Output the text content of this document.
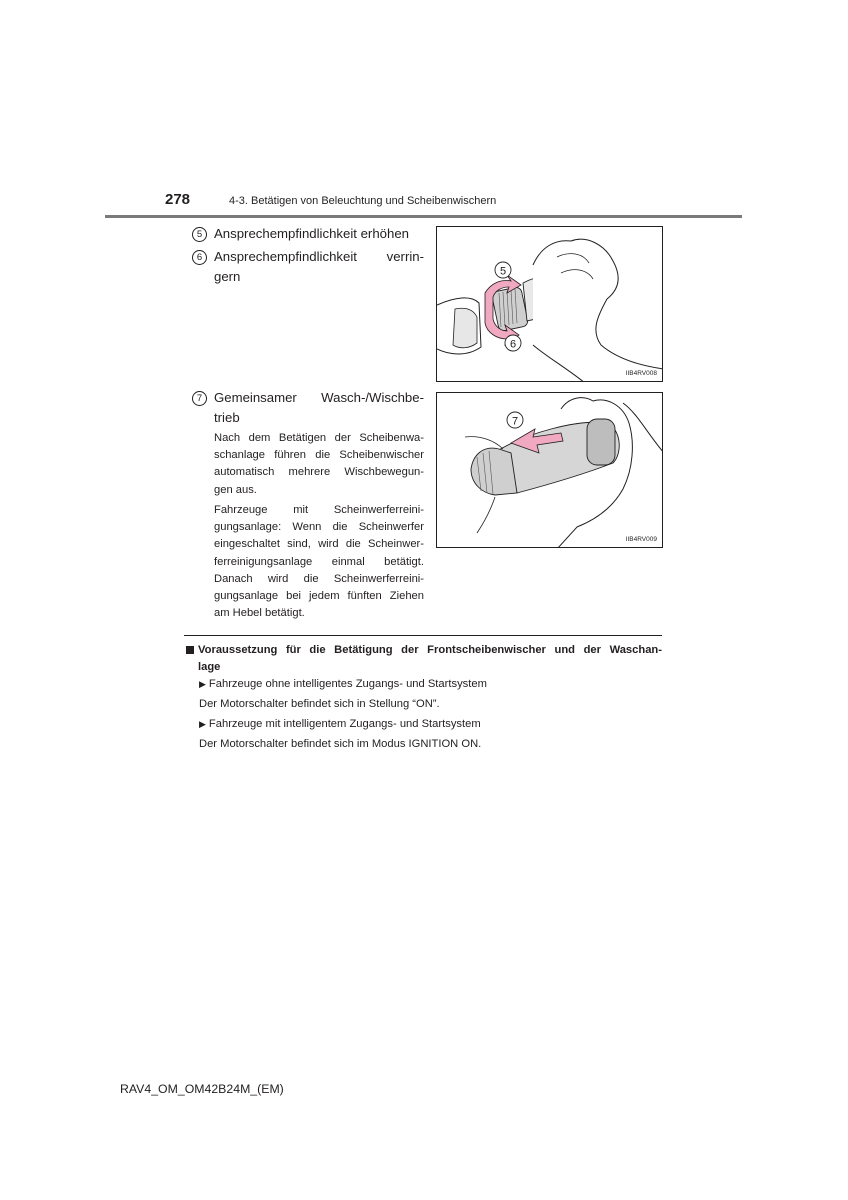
278	4-3. Betätigen von Beleuchtung und Scheibenwischern
5 Ansprechempfindlichkeit erhöhen
6 Ansprechempfindlichkeit verrin-
gern
7 Gemeinsamer Wasch-/Wischbe-
trieb
Nach dem Betätigen der Scheibenwa-
schanlage führen die Scheibenwischer
automatisch mehrere Wischbewegun-
gen aus.
Fahrzeuge mit Scheinwerferreini-
gungsanlage: Wenn die Scheinwerfer
eingeschaltet sind, wird die Scheinwer-
ferreinigungsanlage einmal betätigt.
Danach wird die Scheinwerferreini-
gungsanlage bei jedem fünften Ziehen
am Hebel betätigt.
5
6
IIB4RV008
7
IIB4RV009
Voraussetzung für die Betätigung der Frontscheibenwischer und der Waschan-
lage
▶ Fahrzeuge ohne intelligentes Zugangs- und Startsystem
Der Motorschalter befindet sich in Stellung “ON”.
▶ Fahrzeuge mit intelligentem Zugangs- und Startsystem
Der Motorschalter befindet sich im Modus IGNITION ON.
RAV4_OM_OM42B24M_(EM)
